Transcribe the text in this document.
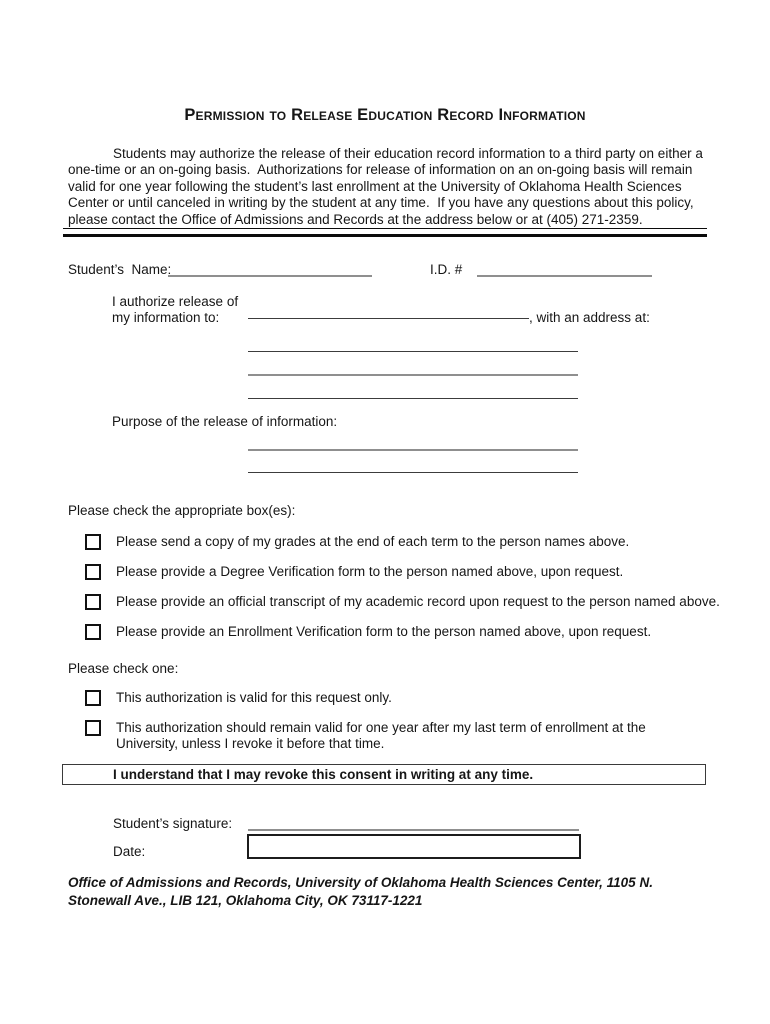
Permission to Release Education Record Information
Students may authorize the release of their education record information to a third party on either a one-time or an on-going basis.  Authorizations for release of information on an on-going basis will remain valid for one year following the student’s last enrollment at the University of Oklahoma Health Sciences Center or until canceled in writing by the student at any time.  If you have any questions about this policy, please contact the Office of Admissions and Records at the address below or at (405) 271-2359.
Student’s  Name:	I.D. #
I authorize release of
my information to:	, with an address at:
Purpose of the release of information:
Please check the appropriate box(es):
Please send a copy of my grades at the end of each term to the person names above.
Please provide a Degree Verification form to the person named above, upon request.
Please provide an official transcript of my academic record upon request to the person named above.
Please provide an Enrollment Verification form to the person named above, upon request.
Please check one:
This authorization is valid for this request only.
This authorization should remain valid for one year after my last term of enrollment at the University, unless I revoke it before that time.
I understand that I may revoke this consent in writing at any time.
Student’s signature:
Date:
Office of Admissions and Records, University of Oklahoma Health Sciences Center, 1105 N. Stonewall Ave., LIB 121, Oklahoma City, OK 73117-1221
